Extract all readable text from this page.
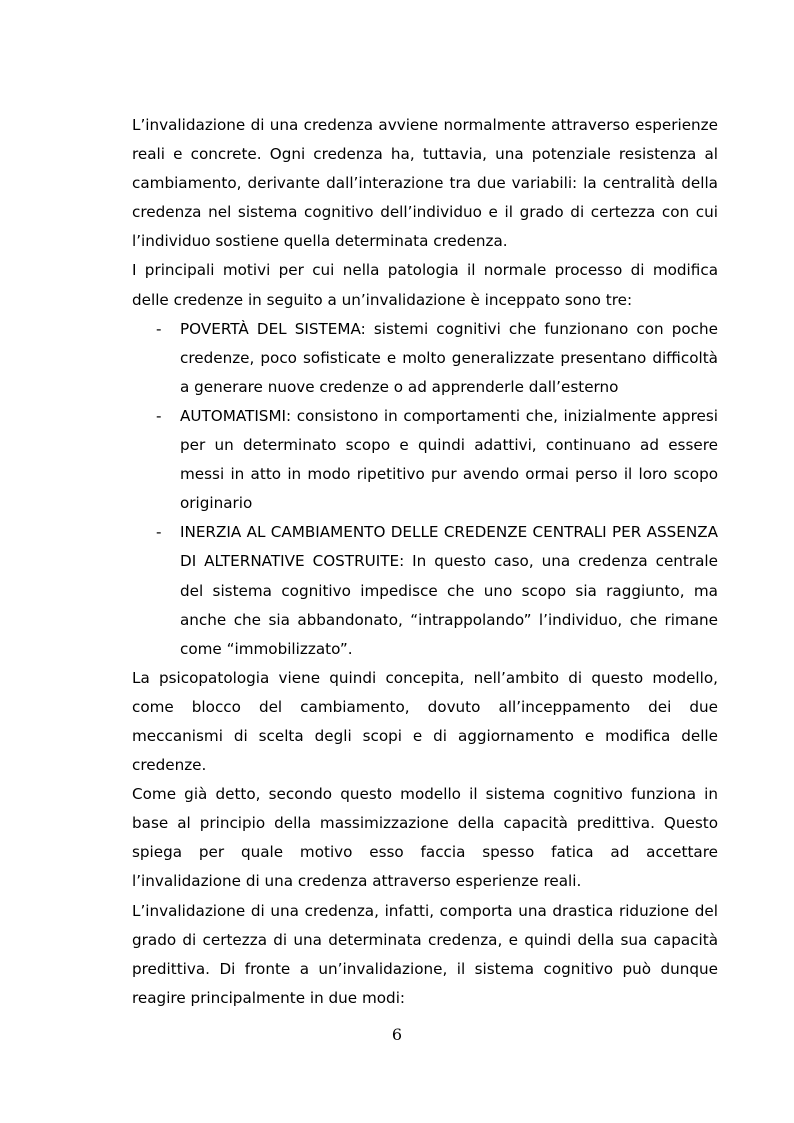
L’invalidazione di una credenza avviene normalmente attraverso esperienze reali e concrete. Ogni credenza ha, tuttavia, una potenziale resistenza al cambiamento, derivante dall’interazione tra due variabili: la centralità della credenza nel sistema cognitivo dell’individuo e il grado di certezza con cui l’individuo sostiene quella determinata credenza.

I principali motivi per cui nella patologia il normale processo di modifica delle credenze in seguito a un’invalidazione è inceppato sono tre:

- POVERTÀ DEL SISTEMA: sistemi cognitivi che funzionano con poche credenze, poco sofisticate e molto generalizzate presentano difficoltà a generare nuove credenze o ad apprenderle dall’esterno
- AUTOMATISMI: consistono in comportamenti che, inizialmente appresi per un determinato scopo e quindi adattivi, continuano ad essere messi in atto in modo ripetitivo pur avendo ormai perso il loro scopo originario
- INERZIA AL CAMBIAMENTO DELLE CREDENZE CENTRALI PER ASSENZA DI ALTERNATIVE COSTRUITE: In questo caso, una credenza centrale del sistema cognitivo impedisce che uno scopo sia raggiunto, ma anche che sia abbandonato, “intrappolando” l’individuo, che rimane come “immobilizzato”.

La psicopatologia viene quindi concepita, nell’ambito di questo modello, come blocco del cambiamento, dovuto all’inceppamento dei due meccanismi di scelta degli scopi e di aggiornamento e modifica delle credenze.

Come già detto, secondo questo modello il sistema cognitivo funziona in base al principio della massimizzazione della capacità predittiva. Questo spiega per quale motivo esso faccia spesso fatica ad accettare l’invalidazione di una credenza attraverso esperienze reali.

L’invalidazione di una credenza, infatti, comporta una drastica riduzione del grado di certezza di una determinata credenza, e quindi della sua capacità predittiva. Di fronte a un’invalidazione, il sistema cognitivo può dunque reagire principalmente in due modi:

6
